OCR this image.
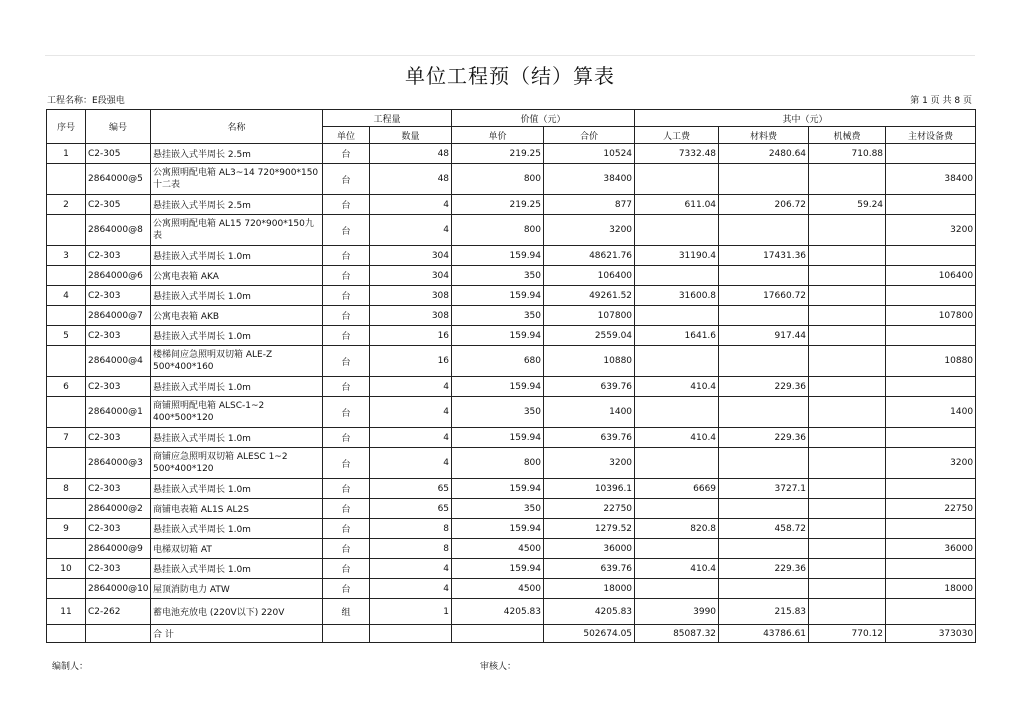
单位工程预（结）算表
工程名称：E段强电	第 1 页 共 8 页
序号	编号	名称	工程量		价值（元）		其中（元）			
			单位	数量	单价	合价	人工费	材料费	机械费	主材设备费
1	C2-305	悬挂嵌入式半周长 2.5m	台	48	219.25	10524	7332.48	2480.64	710.88	
	2864000@5	公寓照明配电箱 AL3~14 720*900*150十二表	台	48	800	38400				38400
2	C2-305	悬挂嵌入式半周长 2.5m	台	4	219.25	877	611.04	206.72	59.24	
	2864000@8	公寓照明配电箱 AL15 720*900*150九表	台	4	800	3200				3200
3	C2-303	悬挂嵌入式半周长 1.0m	台	304	159.94	48621.76	31190.4	17431.36		
	2864000@6	公寓电表箱 AKA	台	304	350	106400				106400
4	C2-303	悬挂嵌入式半周长 1.0m	台	308	159.94	49261.52	31600.8	17660.72		
	2864000@7	公寓电表箱 AKB	台	308	350	107800				107800
5	C2-303	悬挂嵌入式半周长 1.0m	台	16	159.94	2559.04	1641.6	917.44		
	2864000@4	楼梯间应急照明双切箱 ALE-Z 500*400*160	台	16	680	10880				10880
6	C2-303	悬挂嵌入式半周长 1.0m	台	4	159.94	639.76	410.4	229.36		
	2864000@1	商铺照明配电箱 ALSC-1~2 400*500*120	台	4	350	1400				1400
7	C2-303	悬挂嵌入式半周长 1.0m	台	4	159.94	639.76	410.4	229.36		
	2864000@3	商铺应急照明双切箱 ALESC 1~2 500*400*120	台	4	800	3200				3200
8	C2-303	悬挂嵌入式半周长 1.0m	台	65	159.94	10396.1	6669	3727.1		
	2864000@2	商铺电表箱 AL1S AL2S	台	65	350	22750				22750
9	C2-303	悬挂嵌入式半周长 1.0m	台	8	159.94	1279.52	820.8	458.72		
	2864000@9	电梯双切箱 AT	台	8	4500	36000				36000
10	C2-303	悬挂嵌入式半周长 1.0m	台	4	159.94	639.76	410.4	229.36		
	2864000@10	屋顶消防电力 ATW	台	4	4500	18000				18000
11	C2-262	蓄电池充放电 (220V以下) 220V	组	1	4205.83	4205.83	3990	215.83		
		合 计				502674.05	85087.32	43786.61	770.12	373030
编制人：	审核人：
